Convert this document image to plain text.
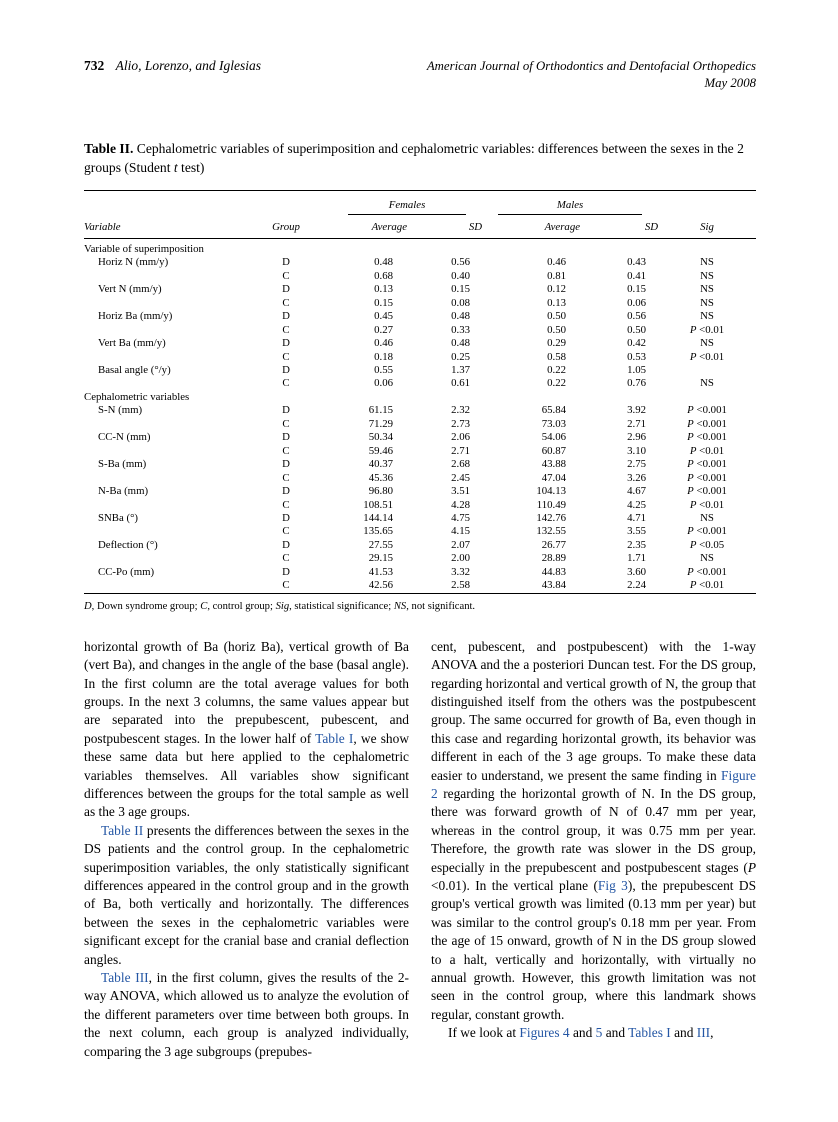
732 Alio, Lorenzo, and Iglesias	American Journal of Orthodontics and Dentofacial Orthopedics
May 2008
Table II. Cephalometric variables of superimposition and cephalometric variables: differences between the sexes in the 2 groups (Student t test)

		Females		Males		

Variable	Group	Average	SD	Average	SD	Sig
Variable of superimposition						
Horiz N (mm/y)	D	0.48	0.56	0.46	0.43	NS
	C	0.68	0.40	0.81	0.41	NS
Vert N (mm/y)	D	0.13	0.15	0.12	0.15	NS
	C	0.15	0.08	0.13	0.06	NS
Horiz Ba (mm/y)	D	0.45	0.48	0.50	0.56	NS
	C	0.27	0.33	0.50	0.50	P <0.01
Vert Ba (mm/y)	D	0.46	0.48	0.29	0.42	NS
	C	0.18	0.25	0.58	0.53	P <0.01
Basal angle (°/y)	D	0.55	1.37	0.22	1.05	
	C	0.06	0.61	0.22	0.76	NS
Cephalometric variables						
S-N (mm)	D	61.15	2.32	65.84	3.92	P <0.001
	C	71.29	2.73	73.03	2.71	P <0.001
CC-N (mm)	D	50.34	2.06	54.06	2.96	P <0.001
	C	59.46	2.71	60.87	3.10	P <0.01
S-Ba (mm)	D	40.37	2.68	43.88	2.75	P <0.001
	C	45.36	2.45	47.04	3.26	P <0.001
N-Ba (mm)	D	96.80	3.51	104.13	4.67	P <0.001
	C	108.51	4.28	110.49	4.25	P <0.01
SNBa (°)	D	144.14	4.75	142.76	4.71	NS
	C	135.65	4.15	132.55	3.55	P <0.001
Deflection (°)	D	27.55	2.07	26.77	2.35	P <0.05
	C	29.15	2.00	28.89	1.71	NS
CC-Po (mm)	D	41.53	3.32	44.83	3.60	P <0.001
	C	42.56	2.58	43.84	2.24	P <0.01
D, Down syndrome group; C, control group; Sig, statistical significance; NS, not significant.

horizontal growth of Ba (horiz Ba), vertical growth of Ba (vert Ba), and changes in the angle of the base (basal angle). In the first column are the total average values for both groups. In the next 3 columns, the same values appear but are separated into the prepubescent, pubescent, and postpubescent stages. In the lower half of Table I, we show these same data but here applied to the cephalometric variables themselves. All variables show significant differences between the groups for the total sample as well as the 3 age groups.

Table II presents the differences between the sexes in the DS patients and the control group. In the cephalometric superimposition variables, the only statistically significant differences appeared in the control group and in the growth of Ba, both vertically and horizontally. The differences between the sexes in the cephalometric variables were significant except for the cranial base and cranial deflection angles.

Table III, in the first column, gives the results of the 2-way ANOVA, which allowed us to analyze the evolution of the different parameters over time between both groups. In the next column, each group is analyzed individually, comparing the 3 age subgroups (prepubes-

cent, pubescent, and postpubescent) with the 1-way ANOVA and the a posteriori Duncan test. For the DS group, regarding horizontal and vertical growth of N, the group that distinguished itself from the others was the postpubescent group. The same occurred for growth of Ba, even though in this case and regarding horizontal growth, its behavior was different in each of the 3 age groups. To make these data easier to understand, we present the same finding in Figure 2 regarding the horizontal growth of N. In the DS group, there was forward growth of N of 0.47 mm per year, whereas in the control group, it was 0.75 mm per year. Therefore, the growth rate was slower in the DS group, especially in the prepubescent and postpubescent stages (P <0.01). In the vertical plane (Fig 3), the prepubescent DS group's vertical growth was limited (0.13 mm per year) but was similar to the control group's 0.18 mm per year. From the age of 15 onward, growth of N in the DS group slowed to a halt, vertically and horizontally, with virtually no annual growth. However, this growth limitation was not seen in the control group, where this landmark shows regular, constant growth.

If we look at Figures 4 and 5 and Tables I and III,
